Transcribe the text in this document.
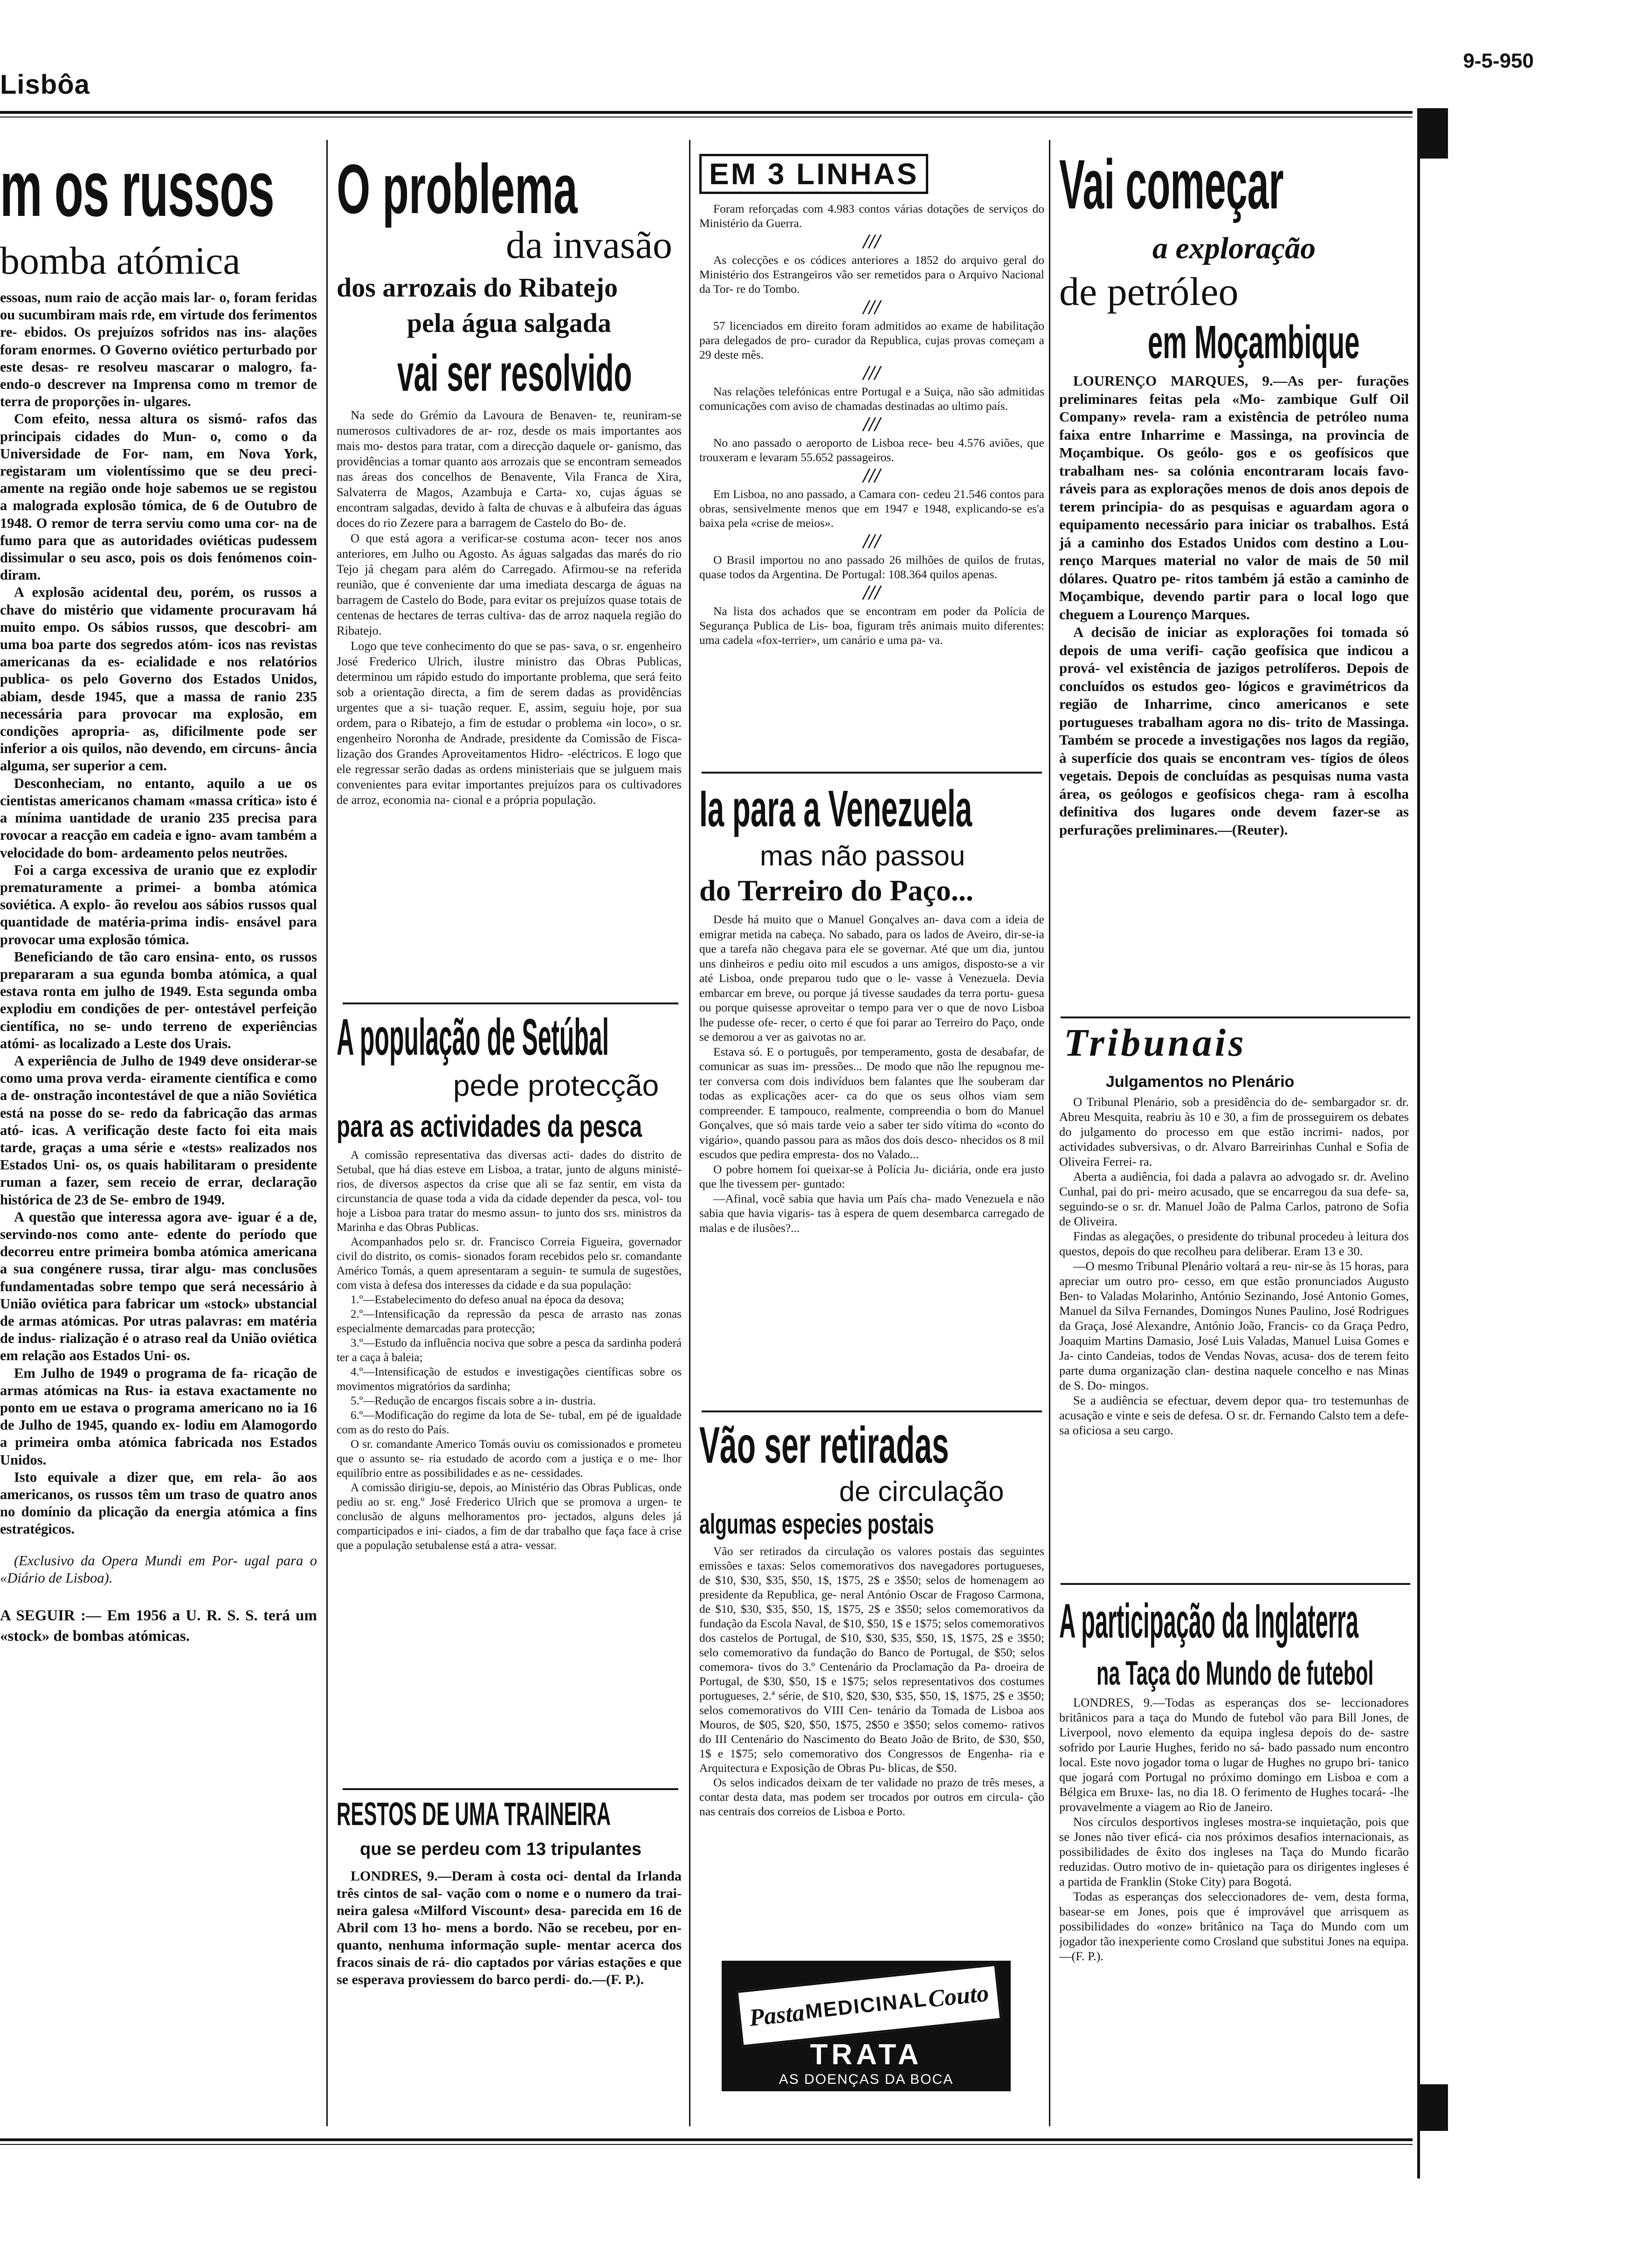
Lisbôa
9-5-950
m os russos
bomba atómica

essoas, num raio de acção mais lar- o, foram feridas ou sucumbiram mais rde, em virtude dos ferimentos re- ebidos. Os prejuízos sofridos nas ins- alações foram enormes. O Governo oviético perturbado por este desas- re resolveu mascarar o malogro, fa- endo-o descrever na Imprensa como m tremor de terra de proporções in- ulgares.

Com efeito, nessa altura os sismó- rafos das principais cidades do Mun- o, como o da Universidade de For- nam, em Nova York, registaram um violentíssimo que se deu preci- amente na região onde hoje sabemos ue se registou a malograda explosão tómica, de 6 de Outubro de 1948. O remor de terra serviu como uma cor- na de fumo para que as autoridades oviéticas pudessem dissimular o seu asco, pois os dois fenómenos coin- diram.

A explosão acidental deu, porém, os russos a chave do mistério que vidamente procuravam há muito empo. Os sábios russos, que descobri- am uma boa parte dos segredos atóm- icos nas revistas americanas da es- ecialidade e nos relatórios publica- os pelo Governo dos Estados Unidos, abiam, desde 1945, que a massa de ranio 235 necessária para provocar ma explosão, em condições apropria- as, dificilmente pode ser inferior a ois quilos, não devendo, em circuns- ância alguma, ser superior a cem.

Desconheciam, no entanto, aquilo a ue os cientistas americanos chamam «massa crítica» isto é a mínima uantidade de uranio 235 precisa para rovocar a reacção em cadeia e igno- avam também a velocidade do bom- ardeamento pelos neutrões.

Foi a carga excessiva de uranio que ez explodir prematuramente a primei- a bomba atómica soviética. A explo- ão revelou aos sábios russos qual quantidade de matéria-prima indis- ensável para provocar uma explosão tómica.

Beneficiando de tão caro ensina- ento, os russos prepararam a sua egunda bomba atómica, a qual estava ronta em julho de 1949. Esta segunda omba explodiu em condições de per- ontestável perfeição científica, no se- undo terreno de experiências atómi- as localizado a Leste dos Urais.

A experiência de Julho de 1949 deve onsiderar-se como uma prova verda- eiramente científica e como a de- onstração incontestável de que a nião Soviética está na posse do se- redo da fabricação das armas ató- icas. A verificação deste facto foi eita mais tarde, graças a uma série e «tests» realizados nos Estados Uni- os, os quais habilitaram o presidente ruman a fazer, sem receio de errar, declaração histórica de 23 de Se- embro de 1949.

A questão que interessa agora ave- iguar é a de, servindo-nos como ante- edente do período que decorreu entre primeira bomba atómica americana a sua congénere russa, tirar algu- mas conclusões fundamentadas sobre tempo que será necessário à União oviética para fabricar um «stock» ubstancial de armas atómicas. Por utras palavras: em matéria de indus- rialização é o atraso real da União oviética em relação aos Estados Uni- os.

Em Julho de 1949 o programa de fa- ricação de armas atómicas na Rus- ia estava exactamente no ponto em ue estava o programa americano no ia 16 de Julho de 1945, quando ex- lodiu em Alamogordo a primeira omba atómica fabricada nos Estados Unidos.

Isto equivale a dizer que, em rela- ão aos americanos, os russos têm um traso de quatro anos no domínio da plicação da energia atómica a fins estratégicos.

(Exclusivo da Opera Mundi em Por- ugal para o «Diário de Lisboa).

A SEGUIR :— Em 1956 a U. R. S. S. terá um «stock» de bombas atómicas.

O problema
da invasão
dos arrozais do Ribatejo
pela água salgada
vai ser resolvido

Na sede do Grémio da Lavoura de Benaven- te, reuniram-se numerosos cultivadores de ar- roz, desde os mais importantes aos mais mo- destos para tratar, com a direcção daquele or- ganismo, das providências a tomar quanto aos arrozais que se encontram semeados nas áreas dos concelhos de Benavente, Vila Franca de Xira, Salvaterra de Magos, Azambuja e Carta- xo, cujas águas se encontram salgadas, devido à falta de chuvas e à albufeira das águas doces do rio Zezere para a barragem de Castelo do Bo- de.

O que está agora a verificar-se costuma acon- tecer nos anos anteriores, em Julho ou Agosto. As águas salgadas das marés do rio Tejo já chegam para além do Carregado. Afirmou-se na referida reunião, que é conveniente dar uma imediata descarga de águas na barragem de Castelo do Bode, para evitar os prejuízos quase totais de centenas de hectares de terras cultiva- das de arroz naquela região do Ribatejo.

Logo que teve conhecimento do que se pas- sava, o sr. engenheiro José Frederico Ulrich, ilustre ministro das Obras Publicas, determinou um rápido estudo do importante problema, que será feito sob a orientação directa, a fim de serem dadas as providências urgentes que a si- tuação requer. E, assim, seguiu hoje, por sua ordem, para o Ribatejo, a fim de estudar o problema «in loco», o sr. engenheiro Noronha de Andrade, presidente da Comissão de Fisca- lização dos Grandes Aproveitamentos Hidro- -eléctricos. E logo que ele regressar serão dadas as ordens ministeriais que se julguem mais convenientes para evitar importantes prejuízos para os cultivadores de arroz, economia na- cional e a própria população.

A população de Setúbal
pede protecção
para as actividades da pesca

A comissão representativa das diversas acti- dades do distrito de Setubal, que há dias esteve em Lisboa, a tratar, junto de alguns ministé- rios, de diversos aspectos da crise que ali se faz sentir, em vista da circunstancia de quase toda a vida da cidade depender da pesca, vol- tou hoje a Lisboa para tratar do mesmo assun- to junto dos srs. ministros da Marinha e das Obras Publicas.

Acompanhados pelo sr. dr. Francisco Correia Figueira, governador civil do distrito, os comis- sionados foram recebidos pelo sr. comandante Américo Tomás, a quem apresentaram a seguin- te sumula de sugestões, com vista à defesa dos interesses da cidade e da sua população:

1.º—Estabelecimento do defeso anual na época da desova;

2.º—Intensificação da repressão da pesca de arrasto nas zonas especialmente demarcadas para protecção;

3.º—Estudo da influência nociva que sobre a pesca da sardinha poderá ter a caça à baleia;

4.º—Intensificação de estudos e investigações científicas sobre os movimentos migratórios da sardinha;

5.º—Redução de encargos fiscais sobre a in- dustria.

6.º—Modificação do regime da lota de Se- tubal, em pé de igualdade com as do resto do País.

O sr. comandante Americo Tomás ouviu os comissionados e prometeu que o assunto se- ria estudado de acordo com a justiça e o me- lhor equilíbrio entre as possibilidades e as ne- cessidades.

A comissão dirigiu-se, depois, ao Ministério das Obras Publicas, onde pediu ao sr. eng.º José Frederico Ulrich que se promova a urgen- te conclusão de alguns melhoramentos pro- jectados, alguns deles já comparticipados e ini- ciados, a fim de dar trabalho que faça face à crise que a população setubalense está a atra- vessar.

RESTOS DE UMA TRAINEIRA
que se perdeu com 13 tripulantes

LONDRES, 9.—Deram à costa oci- dental da Irlanda três cintos de sal- vação com o nome e o numero da trai- neira galesa «Milford Viscount» desa- parecida em 16 de Abril com 13 ho- mens a bordo. Não se recebeu, por en- quanto, nenhuma informação suple- mentar acerca dos fracos sinais de rá- dio captados por várias estações e que se esperava proviessem do barco perdi- do.—(F. P.).

EM 3 LINHAS

Foram reforçadas com 4.983 contos várias dotações de serviços do Ministério da Guerra.

///

As colecções e os códices anteriores a 1852 do arquivo geral do Ministério dos Estrangeiros vão ser remetidos para o Arquivo Nacional da Tor- re do Tombo.

///

57 licenciados em direito foram admitidos ao exame de habilitação para delegados de pro- curador da Republica, cujas provas começam a 29 deste mês.

///

Nas relações telefónicas entre Portugal e a Suiça, não são admitidas comunicações com aviso de chamadas destinadas ao ultimo país.

///

No ano passado o aeroporto de Lisboa rece- beu 4.576 aviões, que trouxeram e levaram 55.652 passageiros.

///

Em Lisboa, no ano passado, a Camara con- cedeu 21.546 contos para obras, sensivelmente menos que em 1947 e 1948, explicando-se es'a baixa pela «crise de meios».

///

O Brasil importou no ano passado 26 milhões de quilos de frutas, quase todos da Argentina. De Portugal: 108.364 quilos apenas.

///

Na lista dos achados que se encontram em poder da Polícia de Segurança Publica de Lis- boa, figuram três animais muito diferentes: uma cadela «fox-terrier», um canário e uma pa- va.

Ia para a Venezuela
mas não passou
do Terreiro do Paço...

Desde há muito que o Manuel Gonçalves an- dava com a ideia de emigrar metida na cabeça. No sabado, para os lados de Aveiro, dir-se-ia que a tarefa não chegava para ele se governar. Até que um dia, juntou uns dinheiros e pediu oito mil escudos a uns amigos, disposto-se a vir até Lisboa, onde preparou tudo que o le- vasse à Venezuela. Devia embarcar em breve, ou porque já tivesse saudades da terra portu- guesa ou porque quisesse aproveitar o tempo para ver o que de novo Lisboa lhe pudesse ofe- recer, o certo é que foi parar ao Terreiro do Paço, onde se demorou a ver as gaivotas no ar.

Estava só. E o português, por temperamento, gosta de desabafar, de comunicar as suas im- pressões... De modo que não lhe repugnou me- ter conversa com dois indivíduos bem falantes que lhe souberam dar todas as explicações acer- ca do que os seus olhos viam sem compreender. E tampouco, realmente, compreendia o bom do Manuel Gonçalves, que só mais tarde veio a saber ter sido vítima do «conto do vigário», quando passou para as mãos dos dois desco- nhecidos os 8 mil escudos que pedira empresta- dos no Valado...

O pobre homem foi queixar-se à Polícia Ju- diciária, onde era justo que lhe tivessem per- guntado:

—Afinal, você sabia que havia um País cha- mado Venezuela e não sabia que havia vigaris- tas à espera de quem desembarca carregado de malas e de ilusões?...

Vão ser retiradas
de circulação
algumas especies postais

Vão ser retirados da circulação os valores postais das seguintes emissões e taxas: Selos comemorativos dos navegadores portugueses, de $10, $30, $35, $50, 1$, 1$75, 2$ e 3$50; selos de homenagem ao presidente da Republica, ge- neral António Oscar de Fragoso Carmona, de $10, $30, $35, $50, 1$, 1$75, 2$ e 3$50; selos comemorativos da fundação da Escola Naval, de $10, $50, 1$ e 1$75; selos comemorativos dos castelos de Portugal, de $10, $30, $35, $50, 1$, 1$75, 2$ e 3$50; selo comemorativo da fundação do Banco de Portugal, de $50; selos comemora- tivos do 3.º Centenário da Proclamação da Pa- droeira de Portugal, de $30, $50, 1$ e 1$75; selos representativos dos costumes portugueses, 2.ª série, de $10, $20, $30, $35, $50, 1$, 1$75, 2$ e 3$50; selos comemorativos do VIII Cen- tenário da Tomada de Lisboa aos Mouros, de $05, $20, $50, 1$75, 2$50 e 3$50; selos comemo- rativos do III Centenário do Nascimento do Beato João de Brito, de $30, $50, 1$ e 1$75; selo comemorativo dos Congressos de Engenha- ria e Arquitectura e Exposição de Obras Pu- blicas, de $50.

Os selos indicados deixam de ter validade no prazo de três meses, a contar desta data, mas podem ser trocados por outros em circula- ção nas centrais dos correios de Lisboa e Porto.

Pasta
MEDICINAL
Couto
TRATA
AS DOENÇAS DA BOCA
Vai começar
a exploração
de petróleo
em Moçambique

LOURENÇO MARQUES, 9.—As per- furações preliminares feitas pela «Mo- zambique Gulf Oil Company» revela- ram a existência de petróleo numa faixa entre Inharrime e Massinga, na provincia de Moçambique. Os geólo- gos e os geofísicos que trabalham nes- sa colónia encontraram locais favo- ráveis para as explorações menos de dois anos depois de terem principia- do as pesquisas e aguardam agora o equipamento necessário para iniciar os trabalhos. Está já a caminho dos Estados Unidos com destino a Lou- renço Marques material no valor de mais de 50 mil dólares. Quatro pe- ritos também já estão a caminho de Moçambique, devendo partir para o local logo que cheguem a Lourenço Marques.

A decisão de iniciar as explorações foi tomada só depois de uma verifi- cação geofísica que indicou a prová- vel existência de jazigos petrolíferos. Depois de concluídos os estudos geo- lógicos e gravimétricos da região de Inharrime, cinco americanos e sete portugueses trabalham agora no dis- trito de Massinga. Também se procede a investigações nos lagos da região, à superfície dos quais se encontram ves- tígios de óleos vegetais. Depois de concluídas as pesquisas numa vasta área, os geólogos e geofísicos chega- ram à escolha definitiva dos lugares onde devem fazer-se as perfurações preliminares.—(Reuter).

Tribunais
Julgamentos no Plenário

O Tribunal Plenário, sob a presidência do de- sembargador sr. dr. Abreu Mesquita, reabriu às 10 e 30, a fim de prosseguirem os debates do julgamento do processo em que estão incrimi- nados, por actividades subversivas, o dr. Alvaro Barreirinhas Cunhal e Sofia de Oliveira Ferrei- ra.

Aberta a audiência, foi dada a palavra ao advogado sr. dr. Avelino Cunhal, pai do pri- meiro acusado, que se encarregou da sua defe- sa, seguindo-se o sr. dr. Manuel João de Palma Carlos, patrono de Sofia de Oliveira.

Findas as alegações, o presidente do tribunal procedeu à leitura dos questos, depois do que recolheu para deliberar. Eram 13 e 30.

—O mesmo Tribunal Plenário voltará a reu- nir-se às 15 horas, para apreciar um outro pro- cesso, em que estão pronunciados Augusto Ben- to Valadas Molarinho, António Sezinando, José Antonio Gomes, Manuel da Silva Fernandes, Domingos Nunes Paulino, José Rodrigues da Graça, José Alexandre, António João, Francis- co da Graça Pedro, Joaquim Martins Damasio, José Luis Valadas, Manuel Luisa Gomes e Ja- cinto Candeias, todos de Vendas Novas, acusa- dos de terem feito parte duma organização clan- destina naquele concelho e nas Minas de S. Do- mingos.

Se a audiência se efectuar, devem depor qua- tro testemunhas de acusação e vinte e seis de defesa. O sr. dr. Fernando Calsto tem a defe- sa oficiosa a seu cargo.

A participação da Inglaterra
na Taça do Mundo de futebol

LONDRES, 9.—Todas as esperanças dos se- leccionadores britânicos para a taça do Mundo de futebol vão para Bill Jones, de Liverpool, novo elemento da equipa inglesa depois do de- sastre sofrido por Laurie Hughes, ferido no sá- bado passado num encontro local. Este novo jogador toma o lugar de Hughes no grupo bri- tanico que jogará com Portugal no próximo domingo em Lisboa e com a Bélgica em Bruxe- las, no dia 18. O ferimento de Hughes tocará- -lhe provavelmente a viagem ao Rio de Janeiro.

Nos círculos desportivos ingleses mostra-se inquietação, pois que se Jones não tiver eficá- cia nos próximos desafios internacionais, as possibilidades de êxito dos ingleses na Taça do Mundo ficarão reduzidas. Outro motivo de in- quietação para os dirigentes ingleses é a partida de Franklin (Stoke City) para Bogotá.

Todas as esperanças dos seleccionadores de- vem, desta forma, basear-se em Jones, pois que é improvável que arrisquem as possibilidades do «onze» britânico na Taça do Mundo com um jogador tão inexperiente como Crosland que substitui Jones na equipa.—(F. P.).
